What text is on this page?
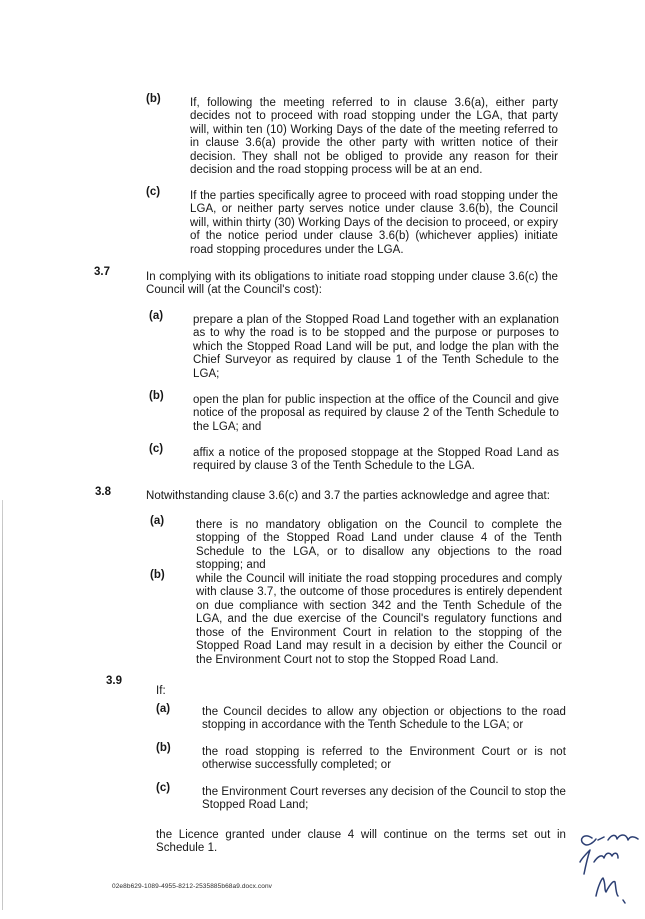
(b)	If, following the meeting referred to in clause 3.6(a), either party decides not to proceed with road stopping under the LGA, that party will, within ten (10) Working Days of the date of the meeting referred to in clause 3.6(a) provide the other party with written notice of their decision. They shall not be obliged to provide any reason for their decision and the road stopping process will be at an end.

(c)	If the parties specifically agree to proceed with road stopping under the LGA, or neither party serves notice under clause 3.6(b), the Council will, within thirty (30) Working Days of the decision to proceed, or expiry of the notice period under clause 3.6(b) (whichever applies) initiate road stopping procedures under the LGA.

3.7	In complying with its obligations to initiate road stopping under clause 3.6(c) the Council will (at the Council's cost):

(a)	prepare a plan of the Stopped Road Land together with an explanation as to why the road is to be stopped and the purpose or purposes to which the Stopped Road Land will be put, and lodge the plan with the Chief Surveyor as required by clause 1 of the Tenth Schedule to the LGA;

(b)	open the plan for public inspection at the office of the Council and give notice of the proposal as required by clause 2 of the Tenth Schedule to the LGA; and

(c)	affix a notice of the proposed stoppage at the Stopped Road Land as required by clause 3 of the Tenth Schedule to the LGA.

3.8	Notwithstanding clause 3.6(c) and 3.7 the parties acknowledge and agree that:

(a)	there is no mandatory obligation on the Council to complete the stopping of the Stopped Road Land under clause 4 of the Tenth Schedule to the LGA, or to disallow any objections to the road stopping; and

(b)	while the Council will initiate the road stopping procedures and comply with clause 3.7, the outcome of those procedures is entirely dependent on due compliance with section 342 and the Tenth Schedule of the LGA, and the due exercise of the Council's regulatory functions and those of the Environment Court in relation to the stopping of the Stopped Road Land may result in a decision by either the Council or the Environment Court not to stop the Stopped Road Land.

3.9

If:

(a)	the Council decides to allow any objection or objections to the road stopping in accordance with the Tenth Schedule to the LGA; or

(b)	the road stopping is referred to the Environment Court or is not otherwise successfully completed; or

(c)	the Environment Court reverses any decision of the Council to stop the Stopped Road Land;

the Licence granted under clause 4 will continue on the terms set out in Schedule 1.

02e8b629-1089-4955-8212-2535885b68a9.docx.conv
